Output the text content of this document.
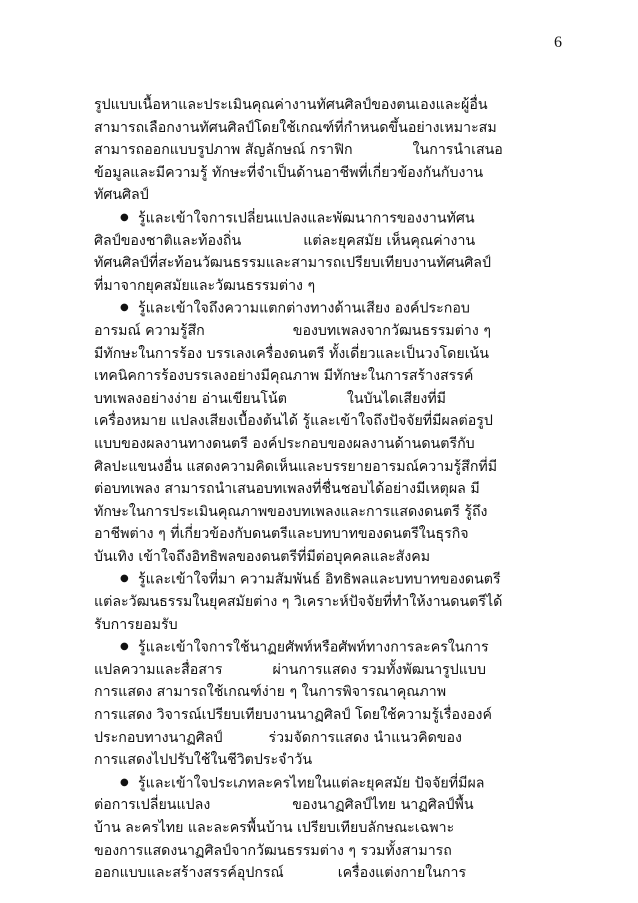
6
รูปแบบเนื้อหาและประเมินคุณค่างานทัศนศิลป์ของตนเองและผู้อื่น
สามารถเลือกงานทัศนศิลป์โดยใช้เกณฑ์ที่กำหนดขึ้นอย่างเหมาะสม
สามารถออกแบบรูปภาพ สัญลักษณ์ กราฟิก	ในการนำเสนอ
ข้อมูลและมีความรู้ ทักษะที่จำเป็นด้านอาชีพที่เกี่ยวข้องกันกับงาน
ทัศนศิลป์
● รู้และเข้าใจการเปลี่ยนแปลงและพัฒนาการของงานทัศน
ศิลป์ของชาติและท้องถิ่น	แต่ละยุคสมัย เห็นคุณค่างาน
ทัศนศิลป์ที่สะท้อนวัฒนธรรมและสามารถเปรียบเทียบงานทัศนศิลป์
ที่มาจากยุคสมัยและวัฒนธรรมต่าง ๆ
● รู้และเข้าใจถึงความแตกต่างทางด้านเสียง องค์ประกอบ
อารมณ์ ความรู้สึก	ของบทเพลงจากวัฒนธรรมต่าง ๆ
มีทักษะในการร้อง บรรเลงเครื่องดนตรี ทั้งเดี่ยวและเป็นวงโดยเน้น
เทคนิคการร้องบรรเลงอย่างมีคุณภาพ มีทักษะในการสร้างสรรค์
บทเพลงอย่างง่าย อ่านเขียนโน้ต	ในบันไดเสียงที่มี
เครื่องหมาย แปลงเสียงเบื้องต้นได้ รู้และเข้าใจถึงปัจจัยที่มีผลต่อรูป
แบบของผลงานทางดนตรี องค์ประกอบของผลงานด้านดนตรีกับ
ศิลปะแขนงอื่น แสดงความคิดเห็นและบรรยายอารมณ์ความรู้สึกที่มี
ต่อบทเพลง สามารถนำเสนอบทเพลงที่ชื่นชอบได้อย่างมีเหตุผล มี
ทักษะในการประเมินคุณภาพของบทเพลงและการแสดงดนตรี รู้ถึง
อาชีพต่าง ๆ ที่เกี่ยวข้องกับดนตรีและบทบาทของดนตรีในธุรกิจ
บันเทิง เข้าใจถึงอิทธิพลของดนตรีที่มีต่อบุคคลและสังคม
● รู้และเข้าใจที่มา ความสัมพันธ์ อิทธิพลและบทบาทของดนตรี
แต่ละวัฒนธรรมในยุคสมัยต่าง ๆ วิเคราะห์ปัจจัยที่ทำให้งานดนตรีได้
รับการยอมรับ
● รู้และเข้าใจการใช้นาฏยศัพท์หรือศัพท์ทางการละครในการ
แปลความและสื่อสาร	ผ่านการแสดง รวมทั้งพัฒนารูปแบบ
การแสดง สามารถใช้เกณฑ์ง่าย ๆ ในการพิจารณาคุณภาพ
การแสดง วิจารณ์เปรียบเทียบงานนาฏศิลป์ โดยใช้ความรู้เรื่ององค์
ประกอบทางนาฏศิลป์	ร่วมจัดการแสดง นำแนวคิดของ
การแสดงไปปรับใช้ในชีวิตประจำวัน
● รู้และเข้าใจประเภทละครไทยในแต่ละยุคสมัย ปัจจัยที่มีผล
ต่อการเปลี่ยนแปลง	ของนาฏศิลป์ไทย นาฏศิลป์พื้น
บ้าน ละครไทย และละครพื้นบ้าน เปรียบเทียบลักษณะเฉพาะ
ของการแสดงนาฏศิลป์จากวัฒนธรรมต่าง ๆ รวมทั้งสามารถ
ออกแบบและสร้างสรรค์อุปกรณ์	เครื่องแต่งกายในการ
